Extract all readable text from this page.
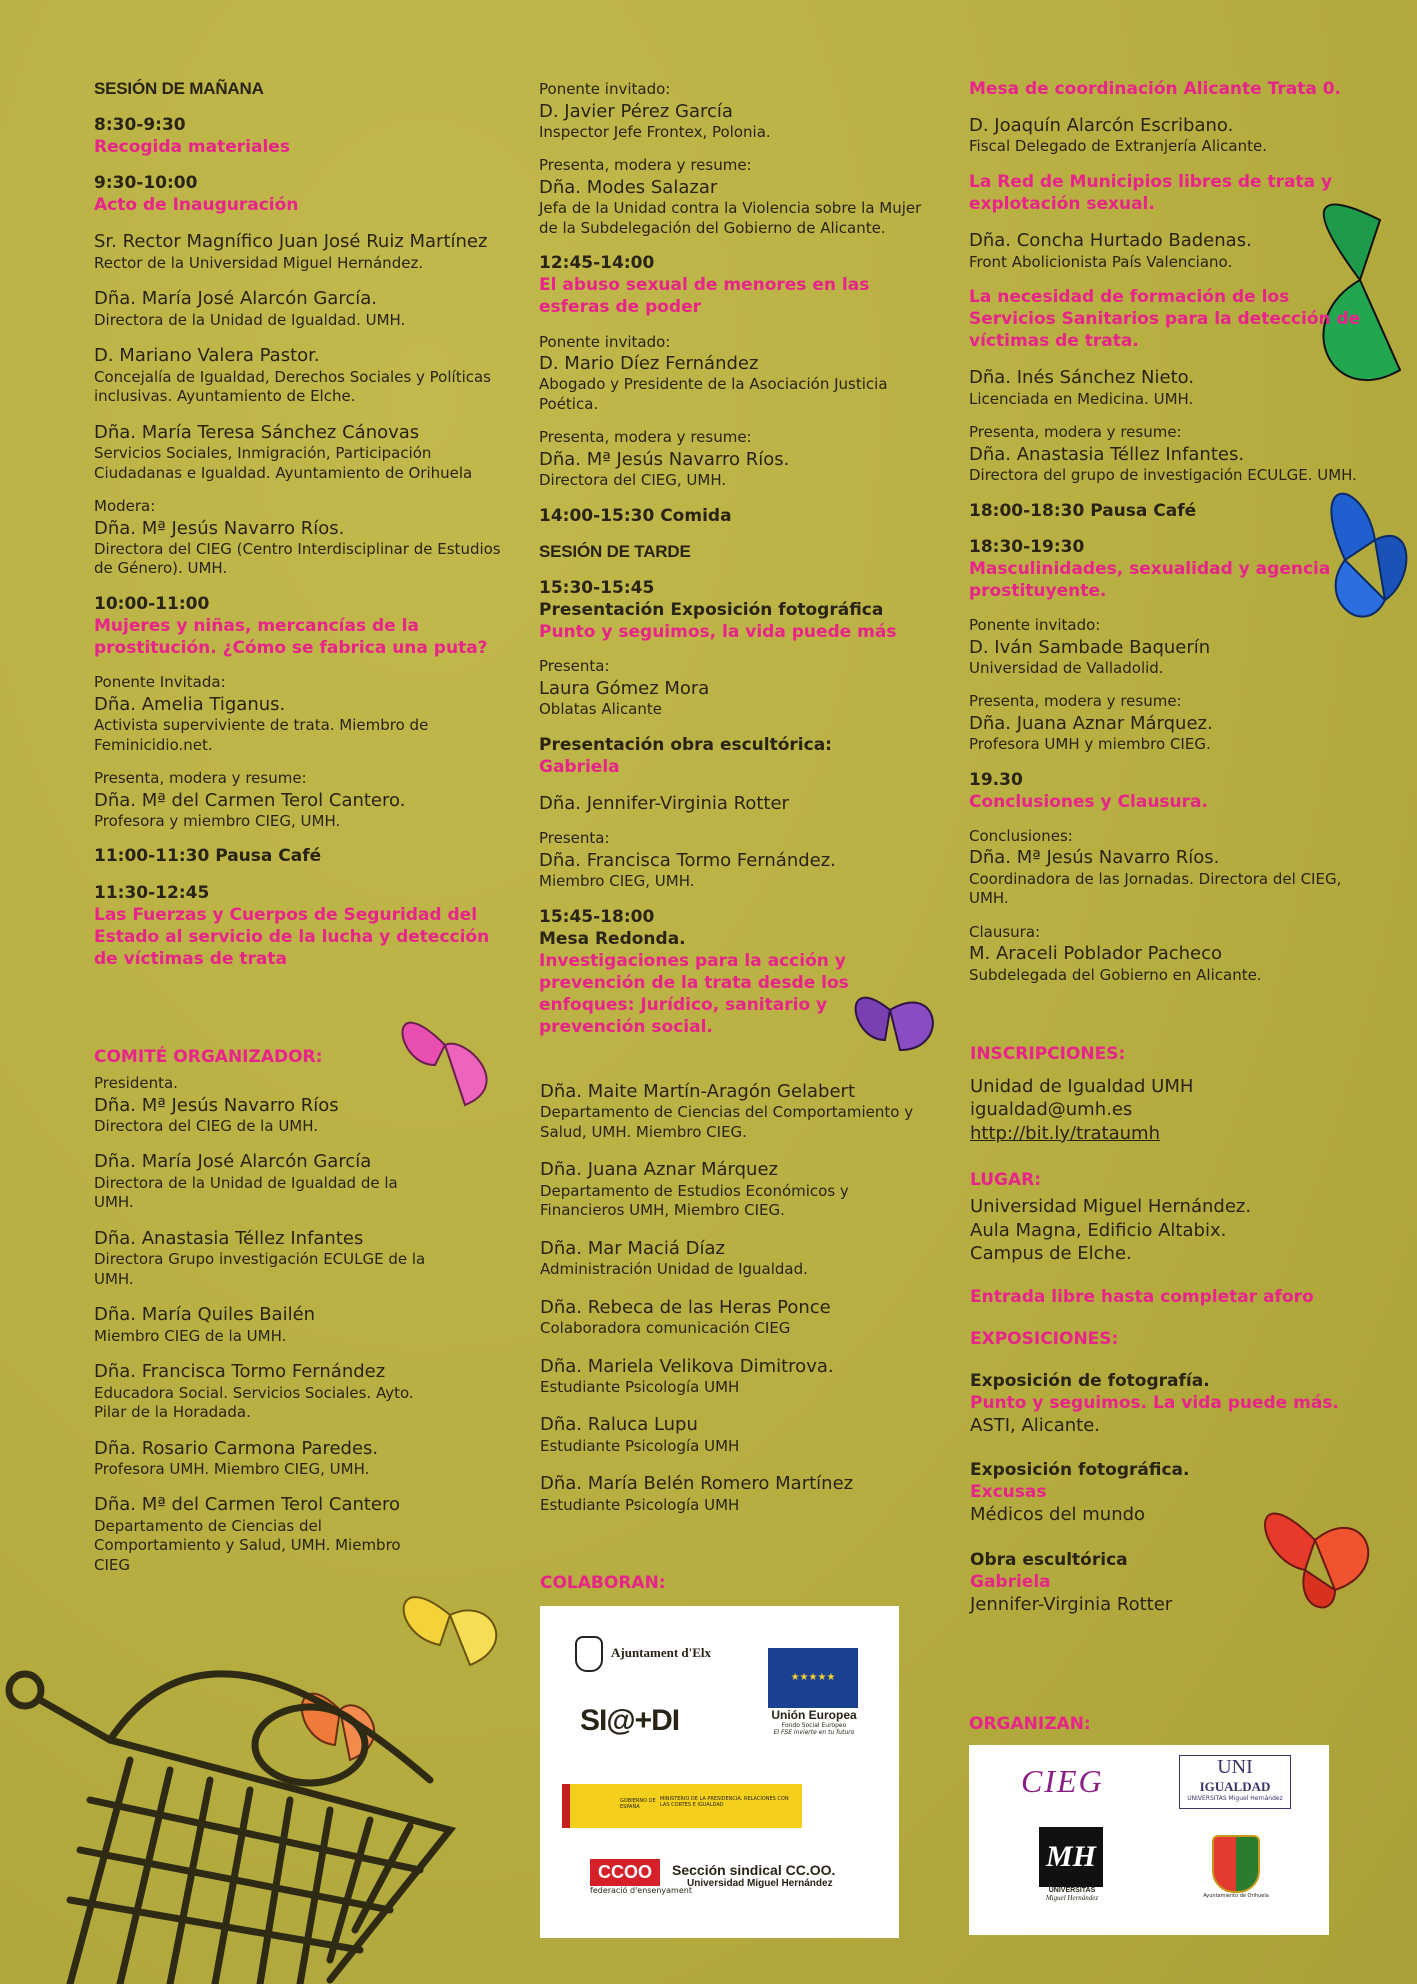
SESIÓN DE MAÑANA
8:30-9:30
Recogida materiales
9:30-10:00
Acto de Inauguración
Sr. Rector Magnífico Juan José Ruiz Martínez
Rector de la Universidad Miguel Hernández.
Dña. María José Alarcón García.
Directora de la Unidad de Igualdad. UMH.
D. Mariano Valera Pastor.
Concejalía de Igualdad, Derechos Sociales y Políticas inclusivas. Ayuntamiento de Elche.
Dña. María Teresa Sánchez Cánovas
Servicios Sociales, Inmigración, Participación Ciudadanas e Igualdad. Ayuntamiento de Orihuela
Modera:
Dña. Mª Jesús Navarro Ríos.
Directora del CIEG (Centro Interdisciplinar de Estudios de Género). UMH.
10:00-11:00
Mujeres y niñas, mercancías de la prostitución. ¿Cómo se fabrica una puta?
Ponente Invitada:
Dña. Amelia Tiganus.
Activista superviviente de trata. Miembro de Feminicidio.net.
Presenta, modera y resume:
Dña. Mª del Carmen Terol Cantero.
Profesora y miembro CIEG, UMH.
11:00-11:30 Pausa Café
11:30-12:45
Las Fuerzas y Cuerpos de Seguridad del Estado al servicio de la lucha y detección de víctimas de trata
Ponente invitado:
D. Javier Pérez García
Inspector Jefe Frontex, Polonia.
Presenta, modera y resume:
Dña. Modes Salazar
Jefa de la Unidad contra la Violencia sobre la Mujer de la Subdelegación del Gobierno de Alicante.
12:45-14:00
El abuso sexual de menores en las esferas de poder
Ponente invitado:
D. Mario Díez Fernández
Abogado y Presidente de la Asociación Justicia Poética.
Presenta, modera y resume:
Dña. Mª Jesús Navarro Ríos.
Directora del CIEG, UMH.
14:00-15:30 Comida
SESIÓN DE TARDE
15:30-15:45
Presentación Exposición fotográfica
Punto y seguimos, la vida puede más
Presenta:
Laura Gómez Mora
Oblatas Alicante
Presentación obra escultórica:
Gabriela
Dña. Jennifer-Virginia Rotter
Presenta:
Dña. Francisca Tormo Fernández.
Miembro CIEG, UMH.
15:45-18:00
Mesa Redonda.
Investigaciones para la acción y prevención de la trata desde los enfoques: Jurídico, sanitario y prevención social.
Mesa de coordinación Alicante Trata 0.
D. Joaquín Alarcón Escribano.
Fiscal Delegado de Extranjería Alicante.
La Red de Municipios libres de trata y explotación sexual.
Dña. Concha Hurtado Badenas.
Front Abolicionista País Valenciano.
La necesidad de formación de los Servicios Sanitarios para la detección de víctimas de trata.
Dña. Inés Sánchez Nieto.
Licenciada en Medicina. UMH.
Presenta, modera y resume:
Dña. Anastasia Téllez Infantes.
Directora del grupo de investigación ECULGE. UMH.
18:00-18:30 Pausa Café
18:30-19:30
Masculinidades, sexualidad y agencia prostituyente.
Ponente invitado:
D. Iván Sambade Baquerín
Universidad de Valladolid.
Presenta, modera y resume:
Dña. Juana Aznar Márquez.
Profesora UMH y miembro CIEG.
19.30
Conclusiones y Clausura.
Conclusiones:
Dña. Mª Jesús Navarro Ríos.
Coordinadora de las Jornadas. Directora del CIEG, UMH.
Clausura:
M. Araceli Poblador Pacheco
Subdelegada del Gobierno en Alicante.
COMITÉ ORGANIZADOR:
Presidenta.
Dña. Mª Jesús Navarro Ríos
Directora del CIEG de la UMH.
Dña. María José Alarcón García
Directora de la Unidad de Igualdad de la UMH.
Dña. Anastasia Téllez Infantes
Directora Grupo investigación ECULGE de la UMH.
Dña. María Quiles Bailén
Miembro CIEG de la UMH.
Dña. Francisca Tormo Fernández
Educadora Social. Servicios Sociales. Ayto. Pilar de la Horadada.
Dña. Rosario Carmona Paredes.
Profesora UMH. Miembro CIEG, UMH.
Dña. Mª del Carmen Terol Cantero
Departamento de Ciencias del Comportamiento y Salud, UMH. Miembro CIEG
Dña. Maite Martín-Aragón Gelabert
Departamento de Ciencias del Comportamiento y Salud, UMH. Miembro CIEG.
Dña. Juana Aznar Márquez
Departamento de Estudios Económicos y Financieros UMH, Miembro CIEG.
Dña. Mar Maciá Díaz
Administración Unidad de Igualdad.
Dña. Rebeca de las Heras Ponce
Colaboradora comunicación CIEG
Dña. Mariela Velikova Dimitrova.
Estudiante Psicología UMH
Dña. Raluca Lupu
Estudiante Psicología UMH
Dña. María Belén Romero Martínez
Estudiante Psicología UMH
INSCRIPCIONES:
Unidad de Igualdad UMH
igualdad@umh.es
http://bit.ly/trataumh
LUGAR:
Universidad Miguel Hernández.
Aula Magna, Edificio Altabix.
Campus de Elche.
Entrada libre hasta completar aforo
EXPOSICIONES:
Exposición de fotografía.
Punto y seguimos. La vida puede más.
ASTI, Alicante.
Exposición fotográfica.
Excusas
Médicos del mundo
Obra escultórica
Gabriela
Jennifer-Virginia Rotter
COLABORAN:
Ajuntament d'Elx
SI@+DI
★★★★★
Unión Europea
Fondo Social Europeo
El FSE invierte en tu futuro
GOBIERNO DE ESPAÑA
MINISTERIO DE LA PRESIDENCIA, RELACIONES CON LAS CORTES E IGUALDAD
CCOO
federació d'ensenyament
Sección sindical CC.OO.
Universidad Miguel Hernández
ORGANIZAN:
CIEG	UNI
IGUALDAD
UNIVERSITAS Miguel Hernández
MH
UNIVERSITAS
Miguel Hernández	Ayuntamiento de Orihuela
